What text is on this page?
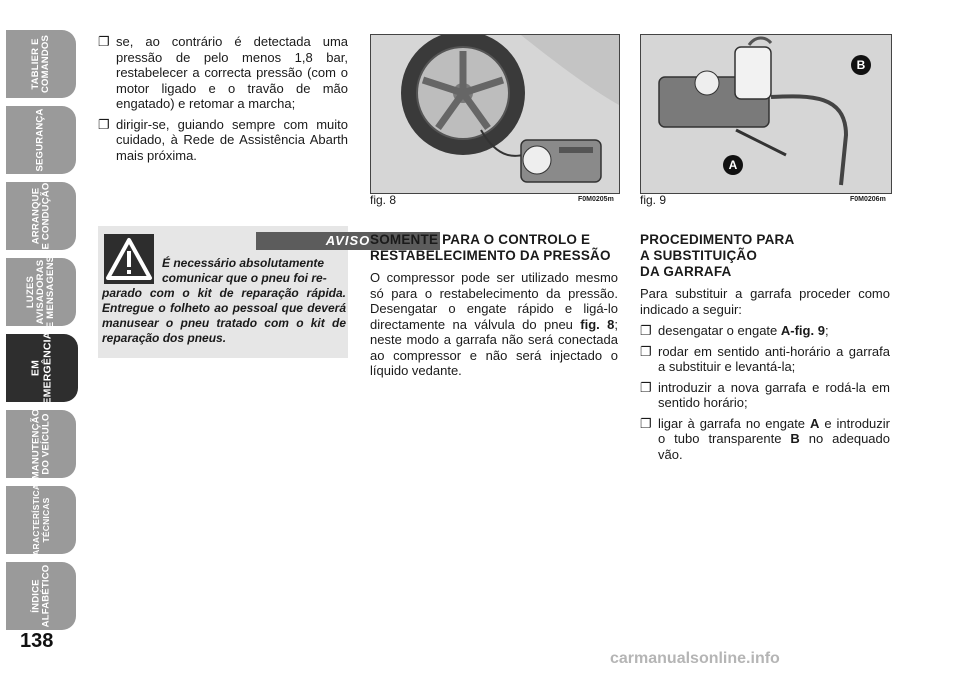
TABLIER E
COMANDOS
SEGURANÇA
ARRANQUE
E CONDUÇÃO
LUZES
AVISADORAS
E MENSAGENS
EM
EMERGÊNCIA
MANUTENÇÃO
DO VEÍCULO
CARACTERÍSTICAS
TÉCNICAS
ÍNDICE
ALFABÉTICO
138
❐ se, ao contrário é detectada uma pressão de pelo menos 1,8 bar, restabelecer a correcta pressão (com o motor ligado e o travão de mão engatado) e retomar a marcha;
❐ dirigir-se, guiando sempre com muito cuidado, à Rede de Assistência Abarth mais próxima.
AVISO
É necessário absolutamente
comunicar que o pneu foi re-
parado com o kit de reparação rápida. Entregue o folheto ao pessoal que deverá manusear o pneu tratado com o kit de reparação dos pneus.
fig. 8	F0M0205m
A
B
fig. 9	F0M0206m
SOMENTE PARA O CONTROLO E RESTABELECIMENTO DA PRESSÃO

O compressor pode ser utilizado mesmo só para o restabelecimento da pressão. Desengatar o engate rápido e ligá-lo directamente na válvula do pneu fig. 8; neste modo a garrafa não será conectada ao compressor e não será injectado o líquido vedante.

PROCEDIMENTO PARA
A SUBSTITUIÇÃO
DA GARRAFA

Para substituir a garrafa proceder como indicado a seguir:

❐ desengatar o engate A-fig. 9;
❐ rodar em sentido anti-horário a garrafa a substituir e levantá-la;
❐ introduzir a nova garrafa e rodá-la em sentido horário;
❐ ligar à garrafa no engate A e introduzir o tubo transparente B no adequado vão.
carmanualsonline.info
